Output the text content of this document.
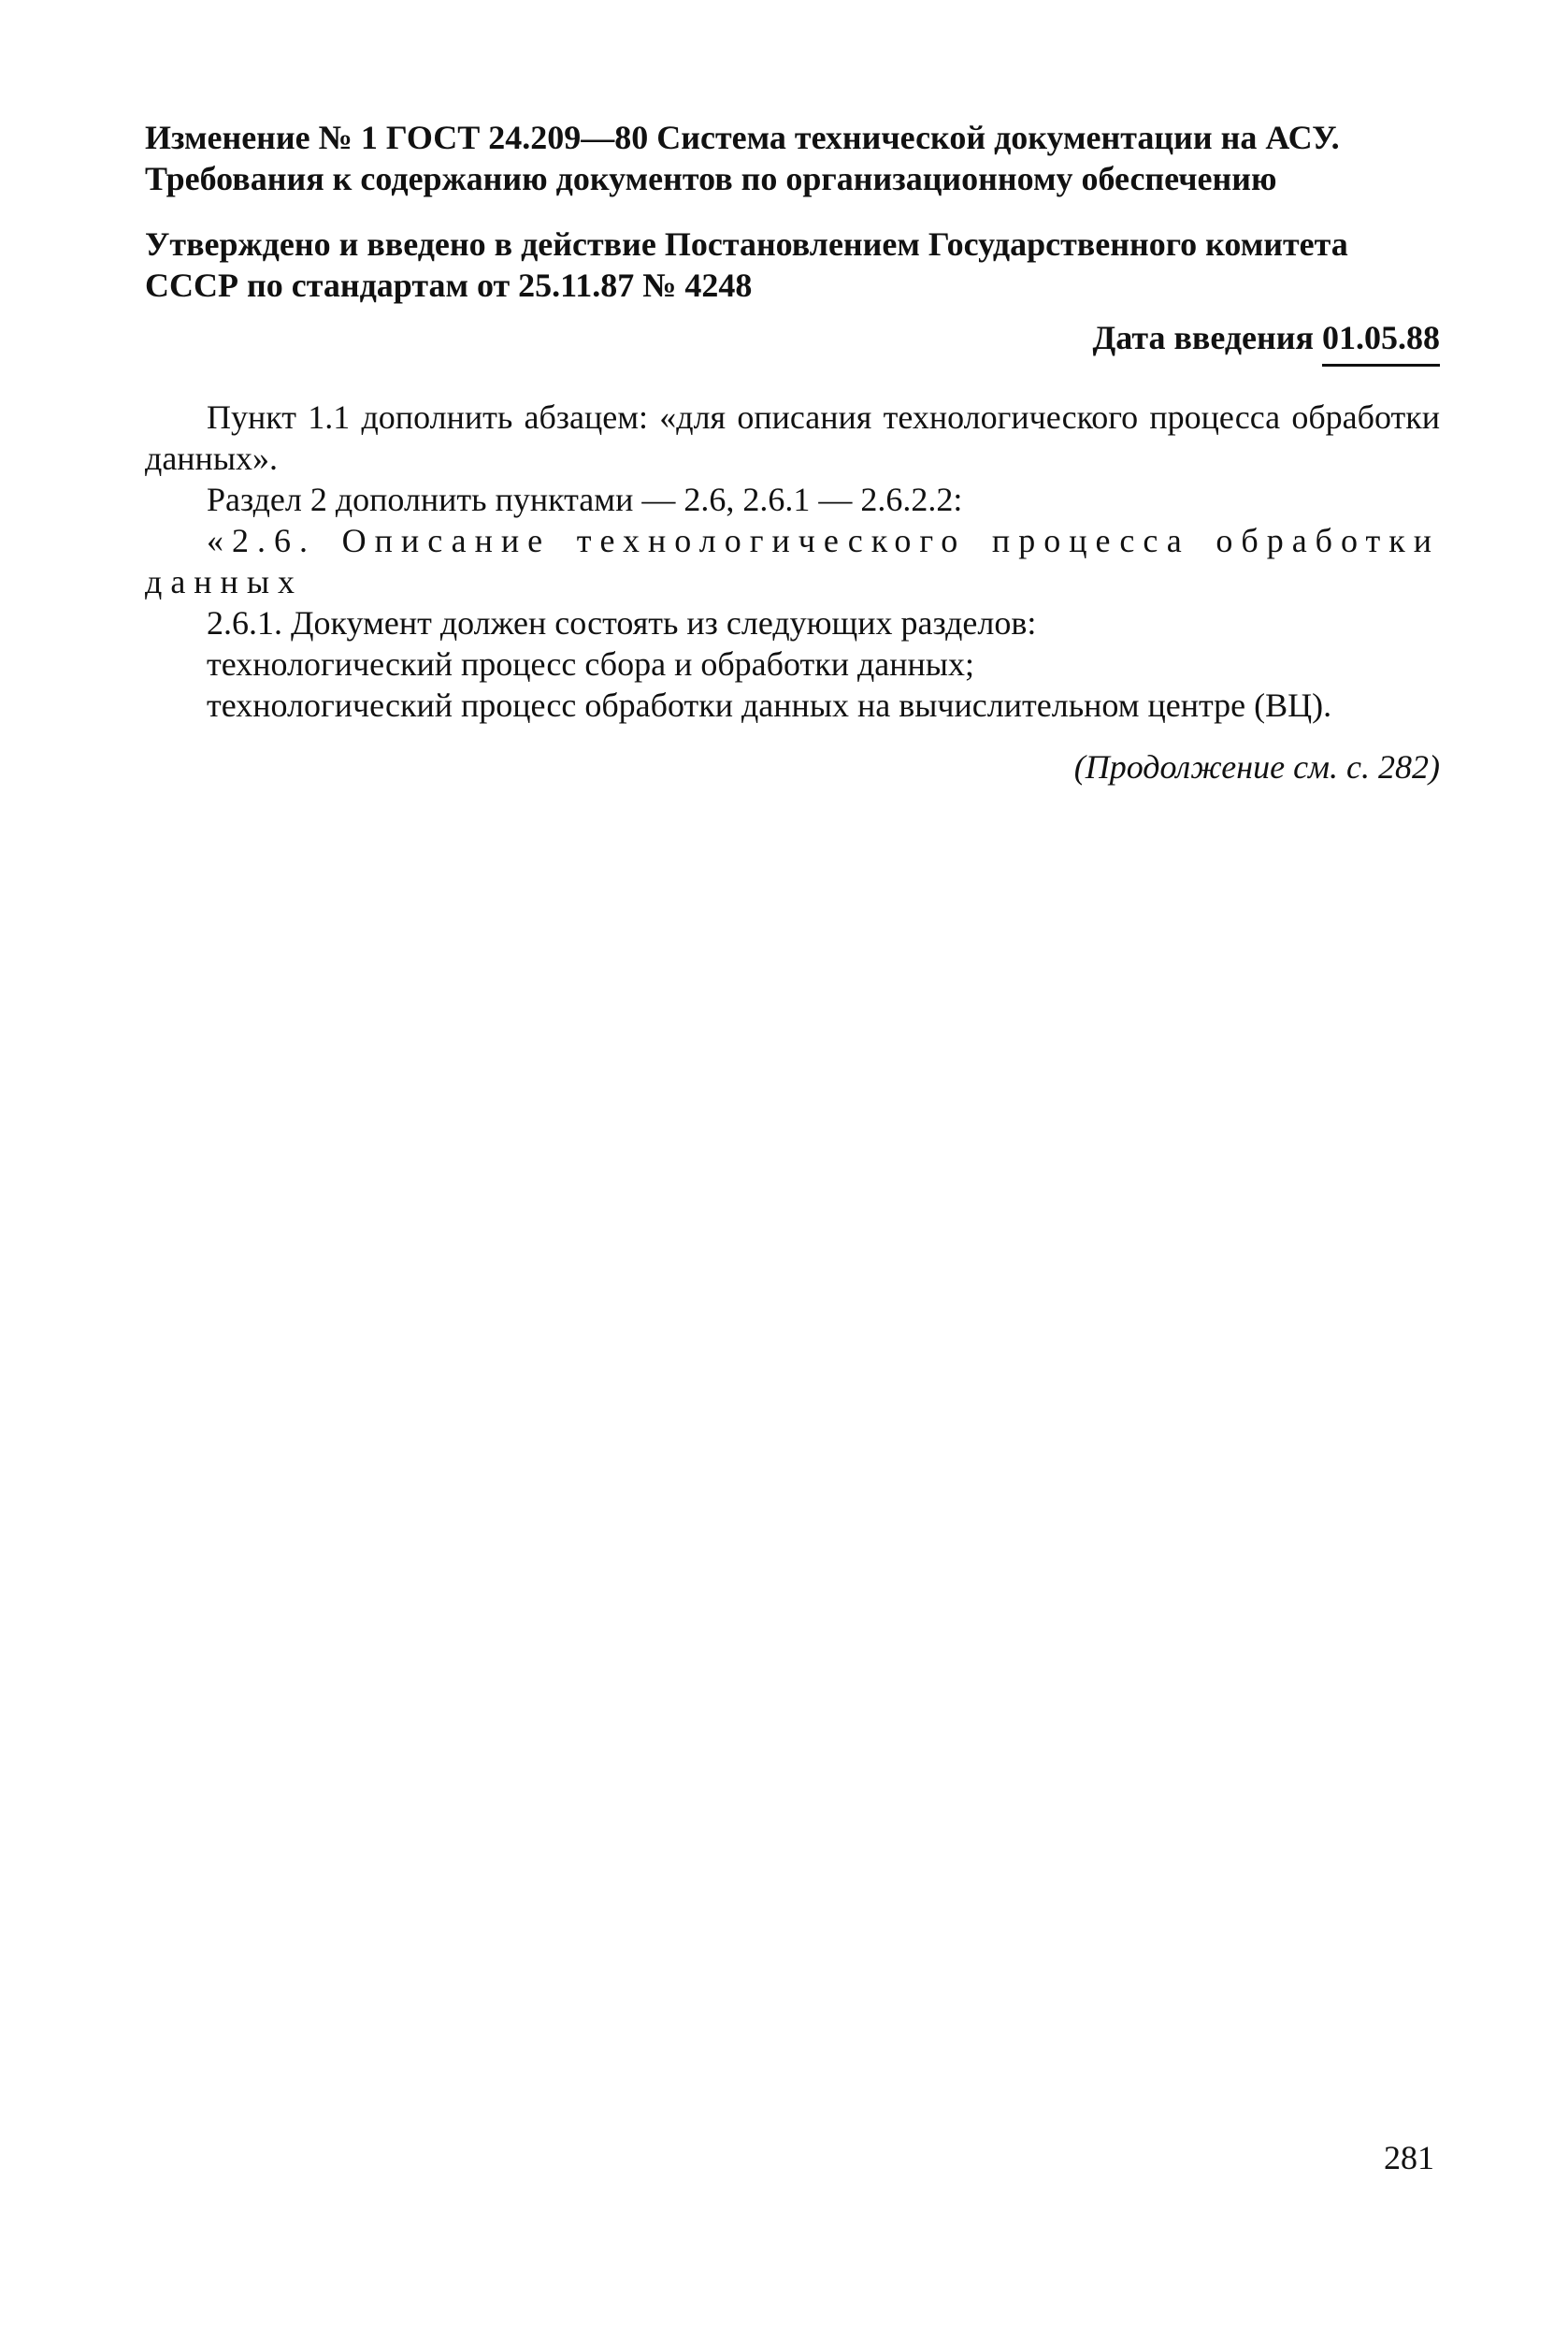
Изменение № 1 ГОСТ 24.209—80 Система технической документации на АСУ.
Требования к содержанию документов по организационному обеспечению
Утверждено и введено в действие Постановлением Государственного комитета
СССР по стандартам от 25.11.87 № 4248
Дата введения 01.05.88
Пункт 1.1 дополнить абзацем: «для описания технологического процесса обработки данных».
Раздел 2 дополнить пунктами — 2.6, 2.6.1 — 2.6.2.2:
«2.6. Описание технологического процесса обработки данных
2.6.1. Документ должен состоять из следующих разделов:
технологический процесс сбора и обработки данных;
технологический процесс обработки данных на вычислительном центре (ВЦ).
(Продолжение см. с. 282)
281
